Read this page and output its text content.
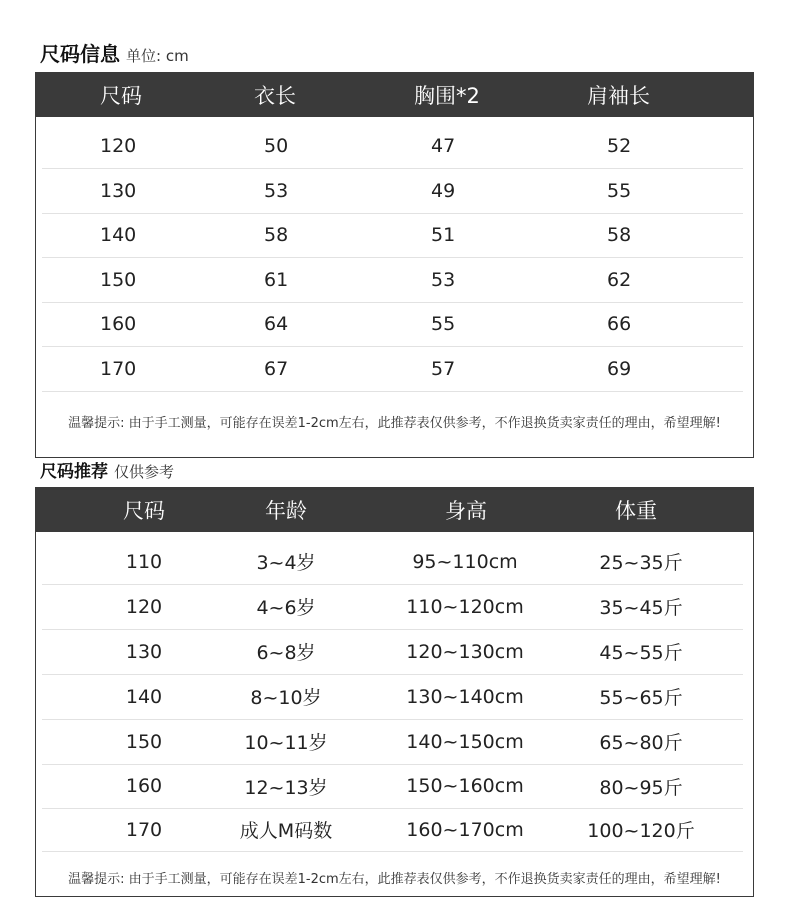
尺码信息 单位: cm
尺码	衣长	胸围*2	肩袖长
120	50	47	52
130	53	49	55
140	58	51	58
150	61	53	62
160	64	55	66
170	67	57	69
温馨提示: 由于手工测量，可能存在误差1-2cm左右，此推荐表仅供参考，不作退换货卖家责任的理由，希望理解!
尺码推荐 仅供参考
尺码	年龄	身高	体重
110	3~4岁	95~110cm	25~35斤
120	4~6岁	110~120cm	35~45斤
130	6~8岁	120~130cm	45~55斤
140	8~10岁	130~140cm	55~65斤
150	10~11岁	140~150cm	65~80斤
160	12~13岁	150~160cm	80~95斤
170	成人M码数	160~170cm	100~120斤
温馨提示: 由于手工测量，可能存在误差1-2cm左右，此推荐表仅供参考，不作退换货卖家责任的理由，希望理解!
